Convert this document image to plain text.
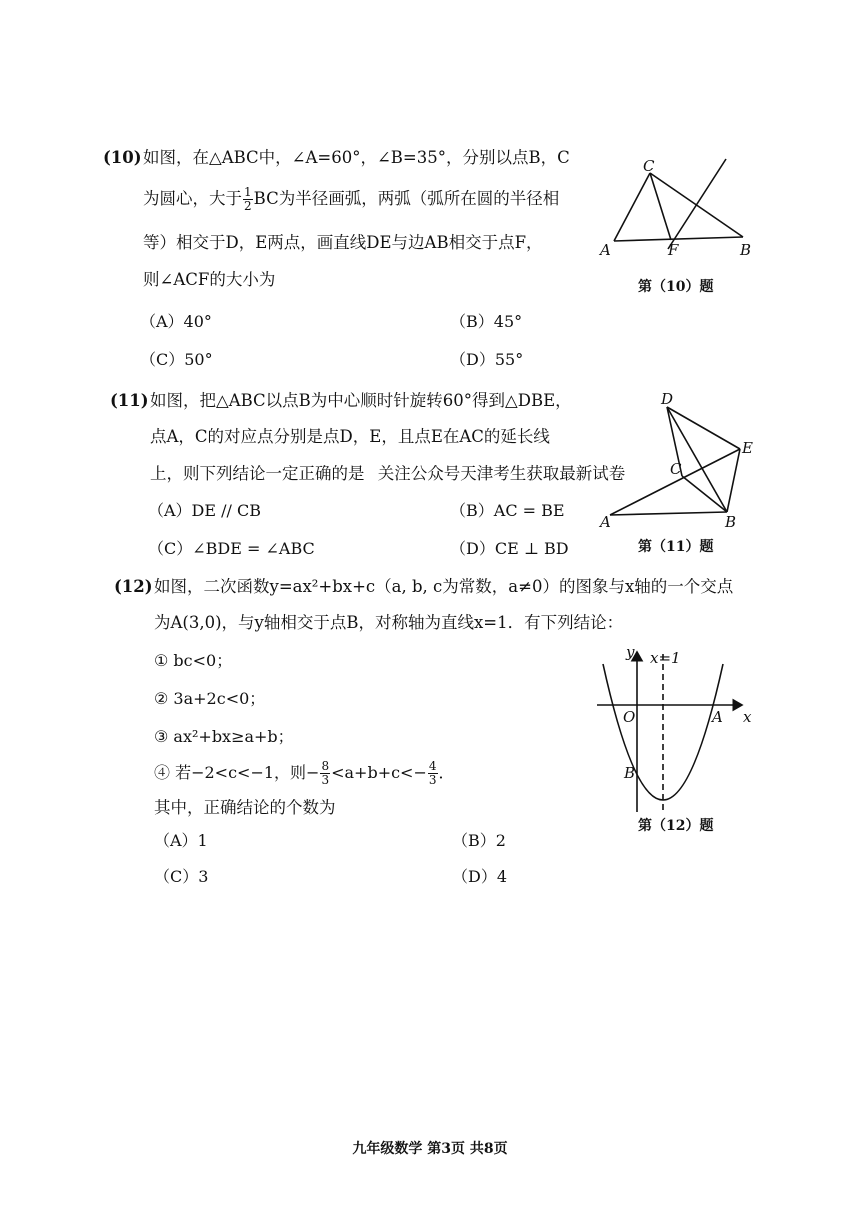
(10) 如图，在△ABC中，∠A=60°，∠B=35°，分别以点B，C
为圆心，大于 $\frac{1}{2}$ BC为半径画弧，两弧（弧所在圆的半径相
等）相交于D，E两点，画直线DE与边AB相交于点F，
则∠ACF的大小为
（A）40°	（B）45°
（C）50°	（D）55°
C
A	F	B
第（10）题
(11) 如图，把△ABC以点B为中心顺时针旋转60°得到△DBE，
点A，C的对应点分别是点D，E，且点E在AC的延长线
上，则下列结论一定正确的是 关注公众号天津考生获取最新试卷
（A）DE // CB	（B）AC = BE
（C）∠BDE = ∠ABC	（D）CE ⊥ BD
D
E
C
A	B
第（11）题
(12) 如图，二次函数y=ax²+bx+c（a, b, c为常数，a≠0）的图象与x轴的一个交点
为A(3,0)，与y轴相交于点B，对称轴为直线x=1．有下列结论：
① bc<0；
② 3a+2c<0；
③ ax²+bx≥a+b；
④ 若−2<c<−1，则− $\frac{8}{3} <a+b+c<- \frac{4}{3}$ ．
其中，正确结论的个数为
（A）1	（B）2
（C）3	（D）4
y x=1
O	A x
B
第（12）题
九年级数学 第3页 共8页
